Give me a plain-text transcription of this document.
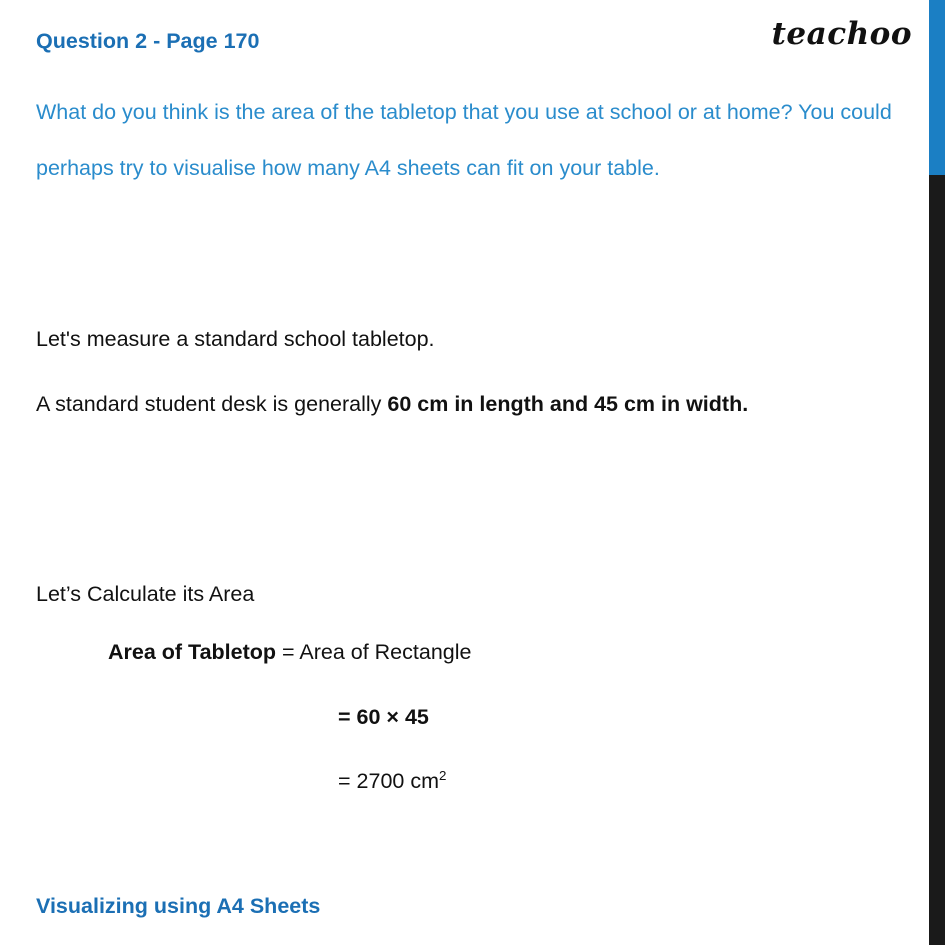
teachoo
Question 2 - Page 170
What do you think is the area of the tabletop that you use at school or at home? You could perhaps try to visualise how many A4 sheets can fit on your table.
Let's measure a standard school tabletop.
A standard student desk is generally 60 cm in length and 45 cm in width.
Let’s Calculate its Area
Area of Tabletop = Area of Rectangle
= 60 × 45
= 2700 $cm^2$
Visualizing using A4 Sheets
